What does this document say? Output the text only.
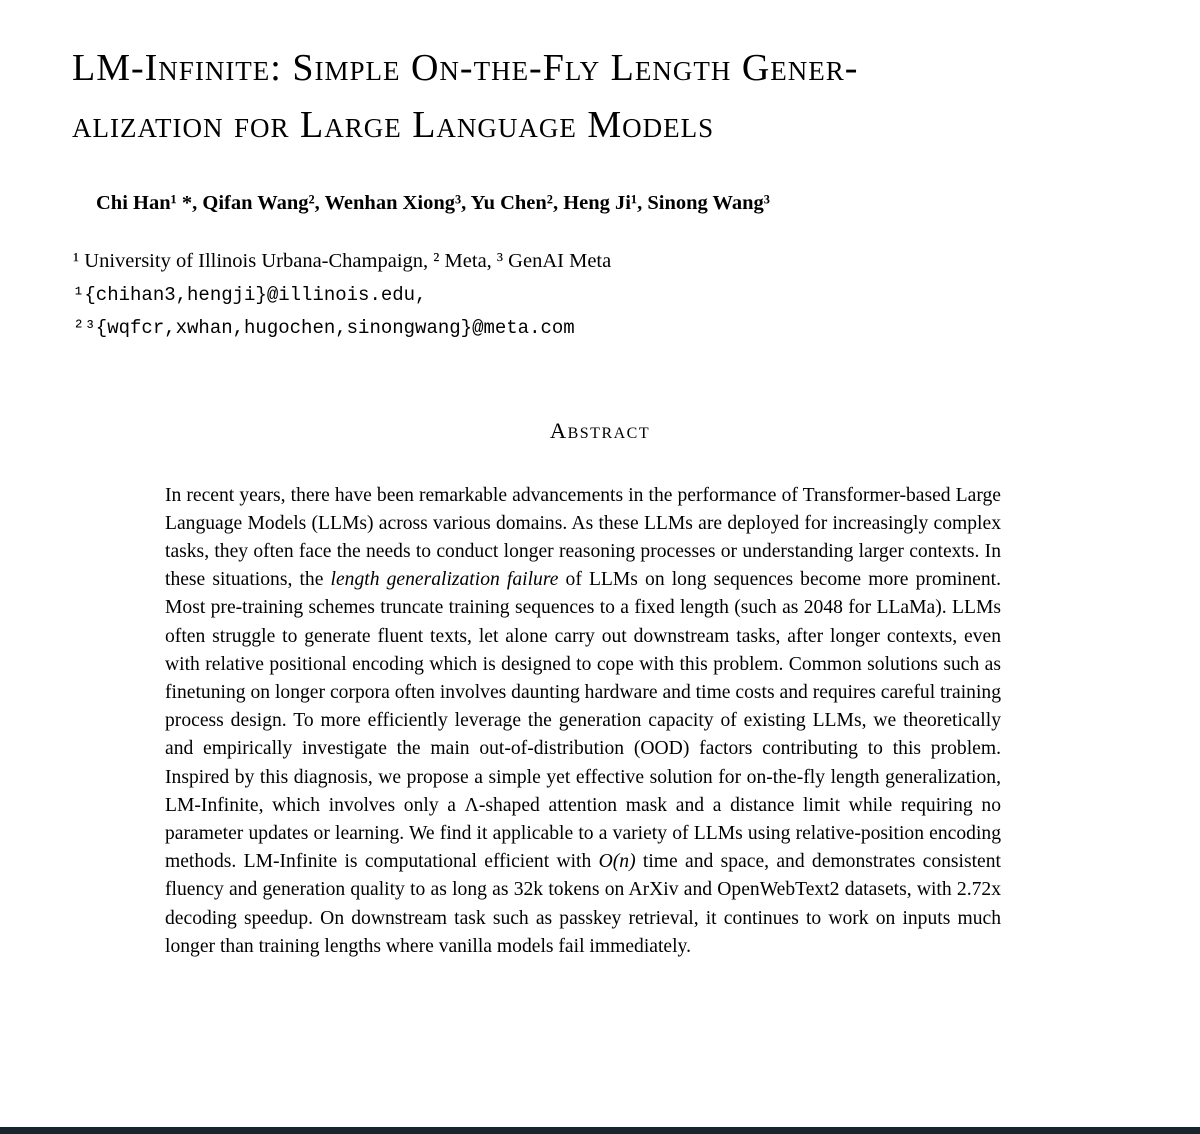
LM-Infinite: Simple On-the-Fly Length Gener-
alization for Large Language Models
Chi Han¹ *, Qifan Wang², Wenhan Xiong³, Yu Chen², Heng Ji¹, Sinong Wang³
¹ University of Illinois Urbana-Champaign, ² Meta, ³ GenAI Meta
¹{chihan3,hengji}@illinois.edu,
²³{wqfcr,xwhan,hugochen,sinongwang}@meta.com
Abstract

In recent years, there have been remarkable advancements in the performance of Transformer-based Large Language Models (LLMs) across various domains. As these LLMs are deployed for increasingly complex tasks, they often face the needs to conduct longer reasoning processes or understanding larger contexts. In these situations, the length generalization failure of LLMs on long sequences become more prominent. Most pre-training schemes truncate training sequences to a fixed length (such as 2048 for LLaMa). LLMs often struggle to generate fluent texts, let alone carry out downstream tasks, after longer contexts, even with relative positional encoding which is designed to cope with this problem. Common solutions such as finetuning on longer corpora often involves daunting hardware and time costs and requires careful training process design. To more efficiently leverage the generation capacity of existing LLMs, we theoretically and empirically investigate the main out-of-distribution (OOD) factors contributing to this problem. Inspired by this diagnosis, we propose a simple yet effective solution for on-the-fly length generalization, LM-Infinite, which involves only a Λ-shaped attention mask and a distance limit while requiring no parameter updates or learning. We find it applicable to a variety of LLMs using relative-position encoding methods. LM-Infinite is computational efficient with O(n) time and space, and demonstrates consistent fluency and generation quality to as long as 32k tokens on ArXiv and OpenWebText2 datasets, with 2.72x decoding speedup. On downstream task such as passkey retrieval, it continues to work on inputs much longer than training lengths where vanilla models fail immediately.
